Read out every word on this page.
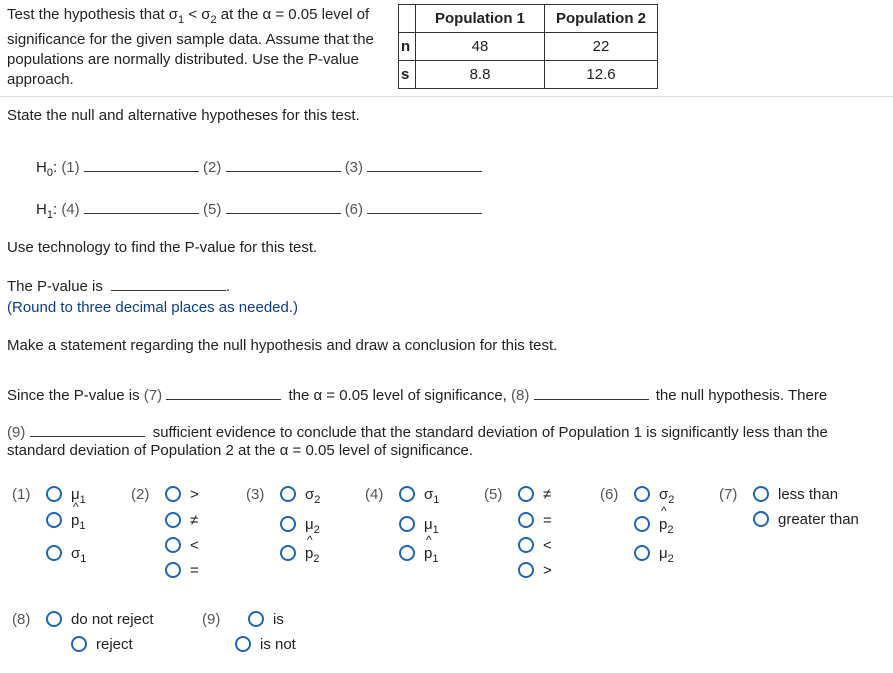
Test the hypothesis that $\sigma_1 < \sigma_2$ at the α = 0.05 level of significance for the given sample data. Assume that the populations are normally distributed. Use the P-value approach.
	Population 1	Population 2
n	48	22
s	8.8	12.6
State the null and alternative hypotheses for this test.
$H_0$: (1)	(2)	(3)
$H_1$: (4)	(5)	(6)
Use technology to find the P-value for this test.
The P-value is	.
(Round to three decimal places as needed.)
Make a statement regarding the null hypothesis and draw a conclusion for this test.
Since the P-value is (7)	the α = 0.05 level of significance, (8)	the null hypothesis. There
(9)	sufficient evidence to conclude that the standard deviation of Population 1 is significantly less than the
standard deviation of Population 2 at the α = 0.05 level of significance.
(1)	$\mu_1$
^ $p_1$
$\sigma_1$
(2)	>
≠
<
=
(3)	$\sigma_2$
$\mu_2$
^ $p_2$
(4)	$\sigma_1$
$\mu_1$
^ $p_1$
(5)	≠
=
<
>
(6)	$\sigma_2$
^ $p_2$
$\mu_2$
(7)	less than
greater than
(8)	do not reject
reject
(9)	is
is not
